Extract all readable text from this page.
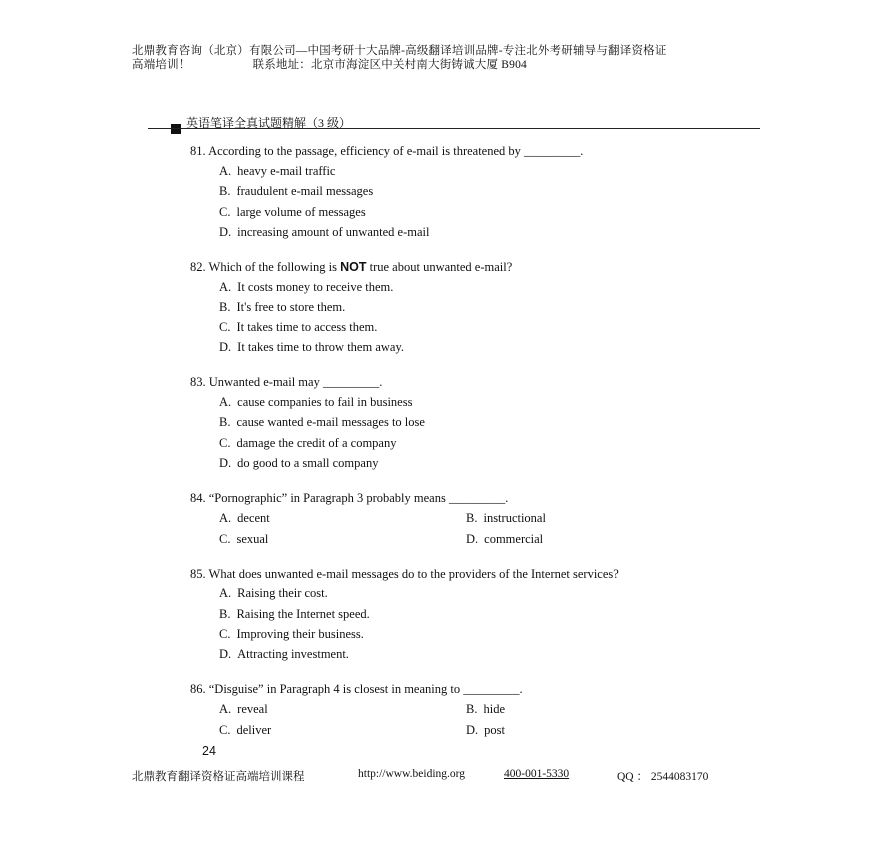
北鼎教育咨询（北京）有限公司—中国考研十大品牌-高级翻译培训品牌-专注北外考研辅导与翻译资格证
高端培训！	联系地址：北京市海淀区中关村南大街铸诚大厦 B904
英语笔译全真试题精解（3 级）
81. According to the passage, efficiency of e-mail is threatened by _________.
A. heavy e-mail traffic
B. fraudulent e-mail messages
C. large volume of messages
D. increasing amount of unwanted e-mail
82. Which of the following is NOT true about unwanted e-mail?
A. It costs money to receive them.
B. It's free to store them.
C. It takes time to access them.
D. It takes time to throw them away.
83. Unwanted e-mail may _________.
A. cause companies to fail in business
B. cause wanted e-mail messages to lose
C. damage the credit of a company
D. do good to a small company
84. “Pornographic” in Paragraph 3 probably means _________.
A. decent	B. instructional
C. sexual	D. commercial
85. What does unwanted e-mail messages do to the providers of the Internet services?
A. Raising their cost.
B. Raising the Internet speed.
C. Improving their business.
D. Attracting investment.
86. “Disguise” in Paragraph 4 is closest in meaning to _________.
A. reveal	B. hide
C. deliver	D. post
24
北鼎教育翻译资格证高端培训课程	http://www.beiding.org	400-001-5330	QQ ： 2544083170
